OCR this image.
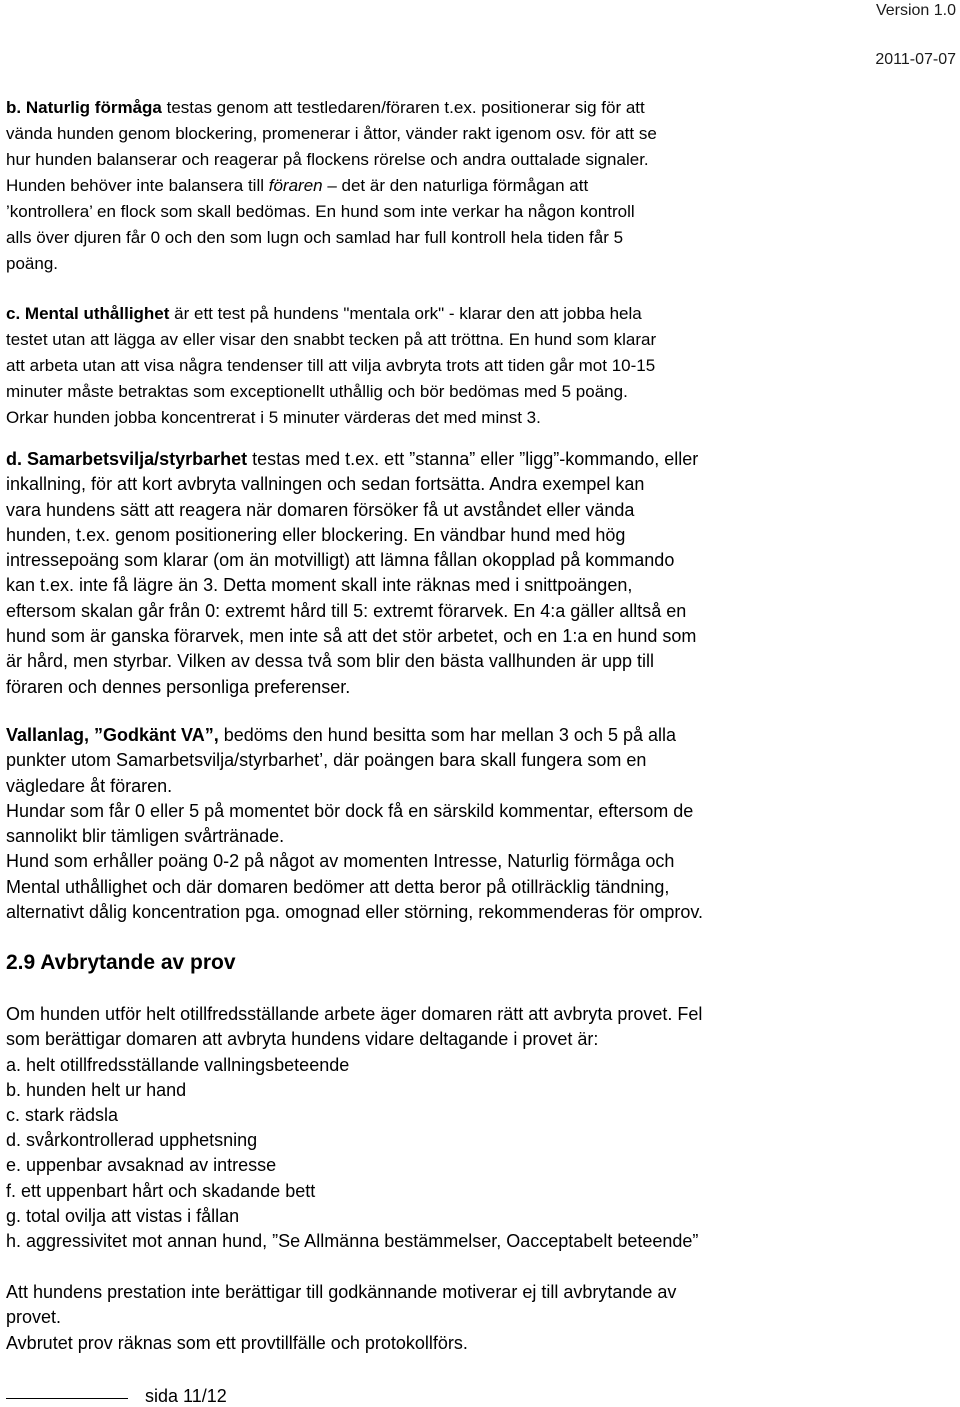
Version 1.0
2011-07-07

b. Naturlig förmåga testas genom att testledaren/föraren t.ex. positionerar sig för att

vända hunden genom blockering, promenerar i åttor, vänder rakt igenom osv. för att se

hur hunden balanserar och reagerar på flockens rörelse och andra outtalade signaler.

Hunden behöver inte balansera till föraren – det är den naturliga förmågan att

’kontrollera’ en flock som skall bedömas. En hund som inte verkar ha någon kontroll

alls över djuren får 0 och den som lugn och samlad har full kontroll hela tiden får 5

poäng.

c. Mental uthållighet är ett test på hundens "mentala ork" - klarar den att jobba hela

testet utan att lägga av eller visar den snabbt tecken på att tröttna. En hund som klarar

att arbeta utan att visa några tendenser till att vilja avbryta trots att tiden går mot 10-15

minuter måste betraktas som exceptionellt uthållig och bör bedömas med 5 poäng.

Orkar hunden jobba koncentrerat i 5 minuter värderas det med minst 3.

d. Samarbetsvilja/styrbarhet testas med t.ex. ett ”stanna” eller ”ligg”-kommando, eller

inkallning, för att kort avbryta vallningen och sedan fortsätta. Andra exempel kan

vara hundens sätt att reagera när domaren försöker få ut avståndet eller vända

hunden, t.ex. genom positionering eller blockering. En vändbar hund med hög

intressepoäng som klarar (om än motvilligt) att lämna fållan okopplad på kommando

kan t.ex. inte få lägre än 3. Detta moment skall inte räknas med i snittpoängen,

eftersom skalan går från 0: extremt hård till 5: extremt förarvek. En 4:a gäller alltså en

hund som är ganska förarvek, men inte så att det stör arbetet, och en 1:a en hund som

är hård, men styrbar. Vilken av dessa två som blir den bästa vallhunden är upp till

föraren och dennes personliga preferenser.

Vallanlag, ”Godkänt VA”, bedöms den hund besitta som har mellan 3 och 5 på alla

punkter utom Samarbetsvilja/styrbarhet’, där poängen bara skall fungera som en

vägledare åt föraren.

Hundar som får 0 eller 5 på momentet bör dock få en särskild kommentar, eftersom de

sannolikt blir tämligen svårtränade.

Hund som erhåller poäng 0-2 på något av momenten Intresse, Naturlig förmåga och

Mental uthållighet och där domaren bedömer att detta beror på otillräcklig tändning,

alternativt dålig koncentration pga. omognad eller störning, rekommenderas för omprov.

2.9 Avbrytande av prov

Om hunden utför helt otillfredsställande arbete äger domaren rätt att avbryta provet. Fel

som berättigar domaren att avbryta hundens vidare deltagande i provet är:

a. helt otillfredsställande vallningsbeteende
b. hunden helt ur hand
c. stark rädsla
d. svårkontrollerad upphetsning
e. uppenbar avsaknad av intresse
f. ett uppenbart hårt och skadande bett
g. total ovilja att vistas i fållan
h. aggressivitet mot annan hund, ”Se Allmänna bestämmelser, Oacceptabelt beteende”

Att hundens prestation inte berättigar till godkännande motiverar ej till avbrytande av

provet.

Avbrutet prov räknas som ett provtillfälle och protokollförs.

sida 11/12
